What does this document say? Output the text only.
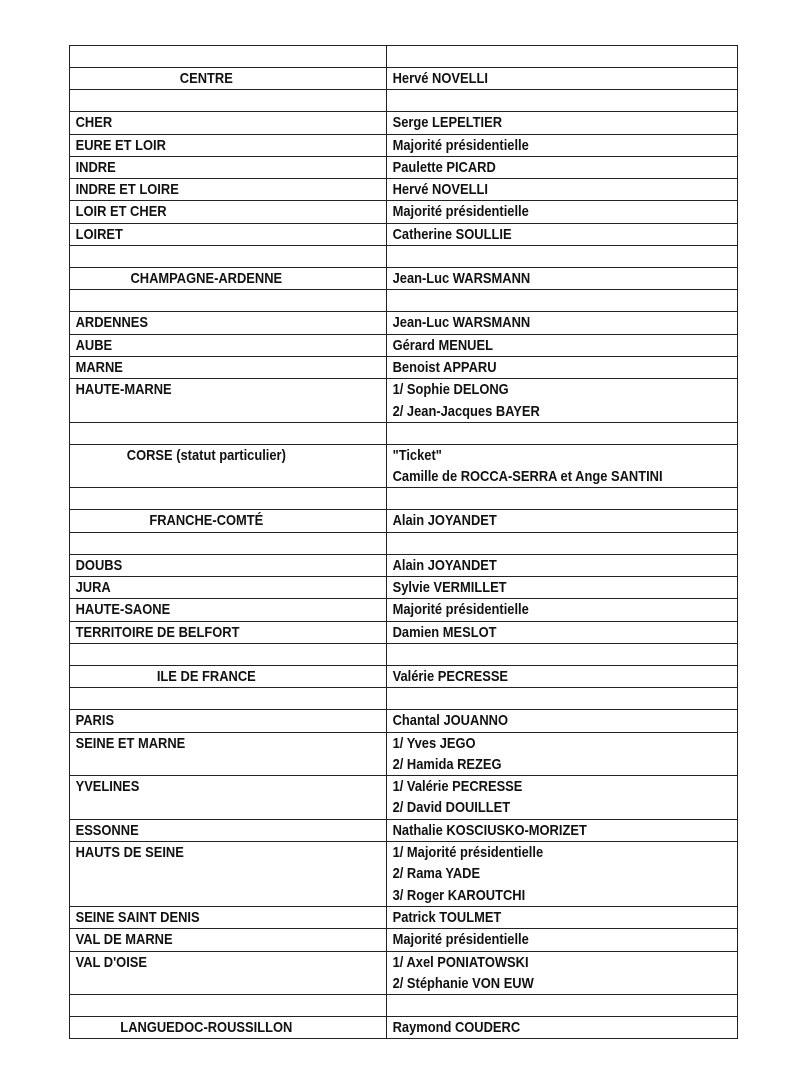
CENTRE	Hervé NOVELLI

CHER	Serge LEPELTIER

EURE ET LOIR	Majorité présidentielle

INDRE	Paulette PICARD

INDRE ET LOIRE	Hervé NOVELLI

LOIR ET CHER	Majorité présidentielle

LOIRET	Catherine SOULLIE

CHAMPAGNE-ARDENNE	Jean-Luc WARSMANN

ARDENNES	Jean-Luc WARSMANN

AUBE	Gérard MENUEL

MARNE	Benoist APPARU

HAUTE-MARNE	1/ Sophie DELONG
2/ Jean-Jacques BAYER

CORSE (statut particulier)	"Ticket"
Camille de ROCCA-SERRA et Ange SANTINI

FRANCHE-COMTÉ	Alain JOYANDET

DOUBS	Alain JOYANDET

JURA	Sylvie VERMILLET

HAUTE-SAONE	Majorité présidentielle

TERRITOIRE DE BELFORT	Damien MESLOT

ILE DE FRANCE	Valérie PECRESSE

PARIS	Chantal JOUANNO

SEINE ET MARNE	1/ Yves JEGO
2/ Hamida REZEG

YVELINES	1/ Valérie PECRESSE
2/ David DOUILLET

ESSONNE	Nathalie KOSCIUSKO-MORIZET

HAUTS DE SEINE	1/ Majorité présidentielle
2/ Rama YADE
3/ Roger KAROUTCHI

SEINE SAINT DENIS	Patrick TOULMET

VAL DE MARNE	Majorité présidentielle

VAL D'OISE	1/ Axel PONIATOWSKI
2/ Stéphanie VON EUW

LANGUEDOC-ROUSSILLON	Raymond COUDERC
